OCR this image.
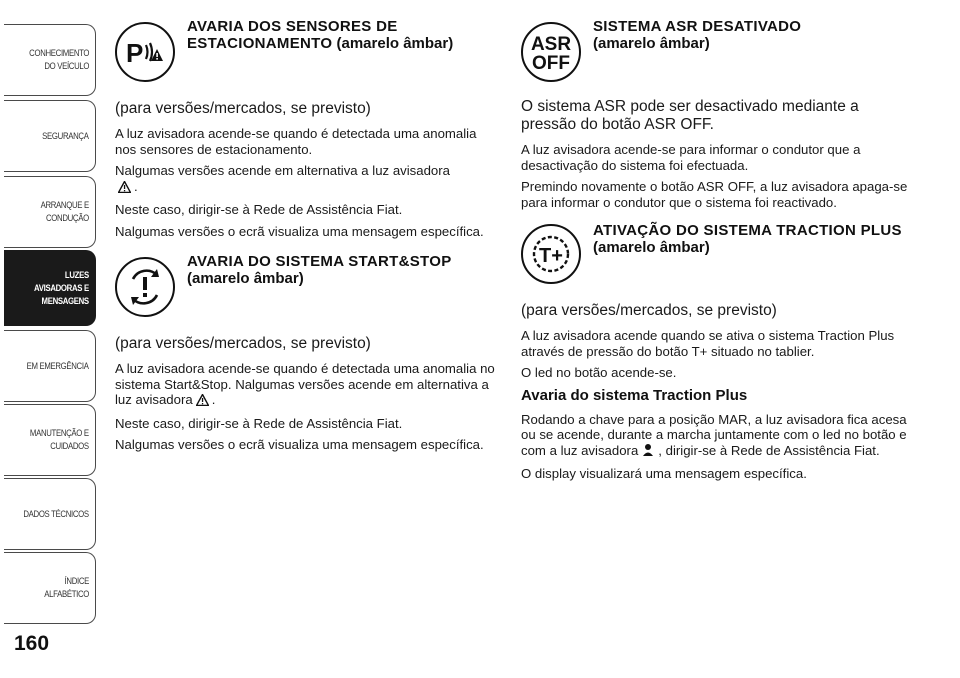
CONHECIMENTO
DO VEÍCULO
SEGURANÇA
ARRANQUE E
CONDUÇÃO
LUZES
AVISADORAS E
MENSAGENS
EM EMERGÊNCIA
MANUTENÇÃO E
CUIDADOS
DADOS TÉCNICOS
ÍNDICE ALFABÉTICO
160
P
AVARIA DOS SENSORES DE ESTACIONAMENTO (amarelo âmbar)
(para versões/mercados, se previsto)

A luz avisadora acende-se quando é detectada uma anomalia nos sensores de estacionamento.

Nalgumas versões acende em alternativa a luz avisadora
.

Neste caso, dirigir-se à Rede de Assistência Fiat.

Nalgumas versões o ecrã visualiza uma mensagem específica.

AVARIA DO SISTEMA START&STOP (amarelo âmbar)
(para versões/mercados, se previsto)

A luz avisadora acende-se quando é detectada uma anomalia no sistema Start&Stop. Nalgumas versões acende em alternativa a luz avisadora .

Neste caso, dirigir-se à Rede de Assistência Fiat.

Nalgumas versões o ecrã visualiza uma mensagem específica.

ASR
OFF
SISTEMA ASR DESATIVADO
(amarelo âmbar)
O sistema ASR pode ser desactivado mediante a pressão do botão ASR OFF.

A luz avisadora acende-se para informar o condutor que a desactivação do sistema foi efectuada.

Premindo novamente o botão ASR OFF, a luz avisadora apaga-se para informar o condutor que o sistema foi reactivado.

T+
ATIVAÇÃO DO SISTEMA TRACTION PLUS (amarelo âmbar)
(para versões/mercados, se previsto)

A luz avisadora acende quando se ativa o sistema Traction Plus através de pressão do botão T+ situado no tablier.

O led no botão acende-se.

Avaria do sistema Traction Plus

Rodando a chave para a posição MAR, a luz avisadora fica acesa ou se acende, durante a marcha juntamente com o led no botão e com a luz avisadora , dirigir-se à Rede de Assistência Fiat.

O display visualizará uma mensagem específica.
